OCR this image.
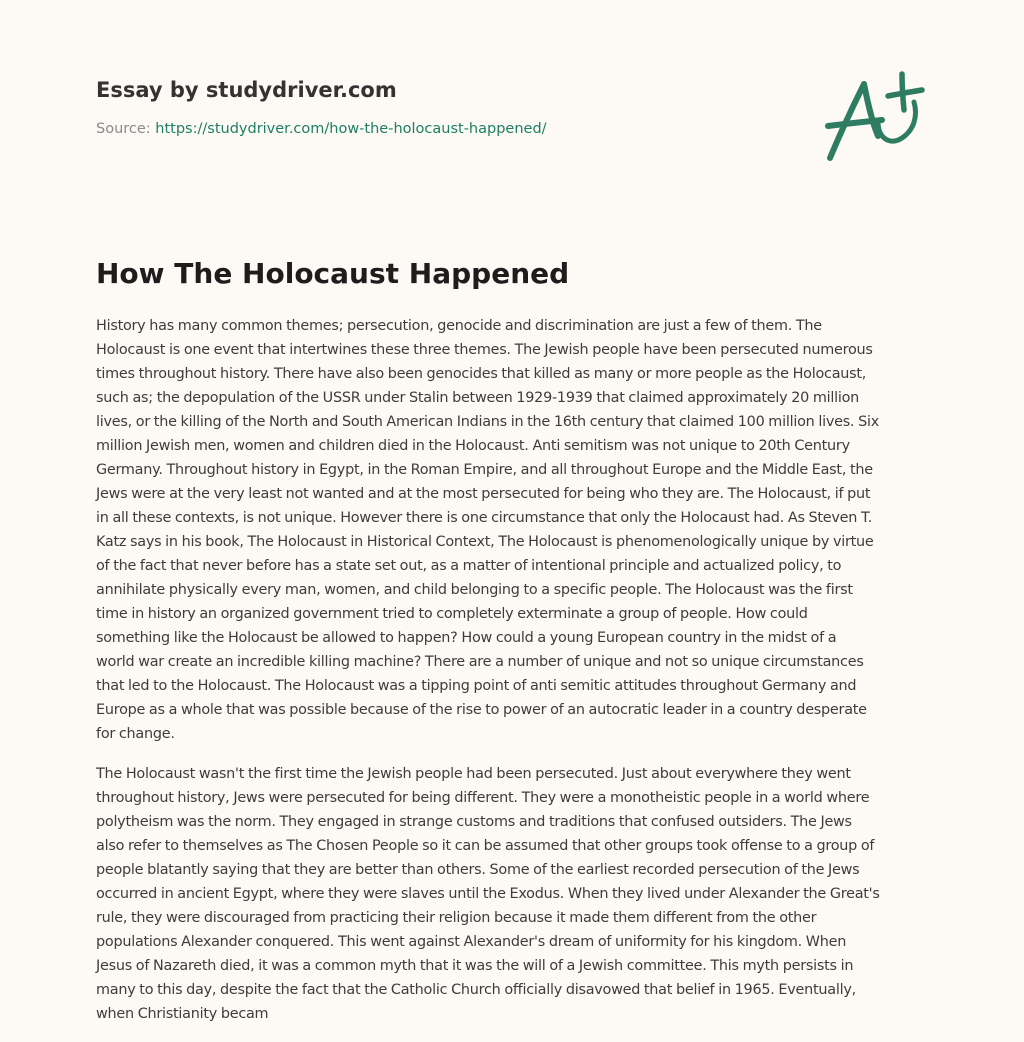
Essay by studydriver.com
Source: https://studydriver.com/how-the-holocaust-happened/
How The Holocaust Happened

History has many common themes; persecution, genocide and discrimination are just a few of them. The
Holocaust is one event that intertwines these three themes. The Jewish people have been persecuted numerous
times throughout history. There have also been genocides that killed as many or more people as the Holocaust,
such as; the depopulation of the USSR under Stalin between 1929-1939 that claimed approximately 20 million
lives, or the killing of the North and South American Indians in the 16th century that claimed 100 million lives. Six
million Jewish men, women and children died in the Holocaust. Anti semitism was not unique to 20th Century
Germany. Throughout history in Egypt, in the Roman Empire, and all throughout Europe and the Middle East, the
Jews were at the very least not wanted and at the most persecuted for being who they are. The Holocaust, if put
in all these contexts, is not unique. However there is one circumstance that only the Holocaust had. As Steven T.
Katz says in his book, The Holocaust in Historical Context, The Holocaust is phenomenologically unique by virtue
of the fact that never before has a state set out, as a matter of intentional principle and actualized policy, to
annihilate physically every man, women, and child belonging to a specific people. The Holocaust was the first
time in history an organized government tried to completely exterminate a group of people. How could
something like the Holocaust be allowed to happen? How could a young European country in the midst of a
world war create an incredible killing machine? There are a number of unique and not so unique circumstances
that led to the Holocaust. The Holocaust was a tipping point of anti semitic attitudes throughout Germany and
Europe as a whole that was possible because of the rise to power of an autocratic leader in a country desperate
for change.

The Holocaust wasn't the first time the Jewish people had been persecuted. Just about everywhere they went
throughout history, Jews were persecuted for being different. They were a monotheistic people in a world where
polytheism was the norm. They engaged in strange customs and traditions that confused outsiders. The Jews
also refer to themselves as The Chosen People so it can be assumed that other groups took offense to a group of
people blatantly saying that they are better than others. Some of the earliest recorded persecution of the Jews
occurred in ancient Egypt, where they were slaves until the Exodus. When they lived under Alexander the Great's
rule, they were discouraged from practicing their religion because it made them different from the other
populations Alexander conquered. This went against Alexander's dream of uniformity for his kingdom. When
Jesus of Nazareth died, it was a common myth that it was the will of a Jewish committee. This myth persists in
many to this day, despite the fact that the Catholic Church officially disavowed that belief in 1965. Eventually,
when Christianity becam
